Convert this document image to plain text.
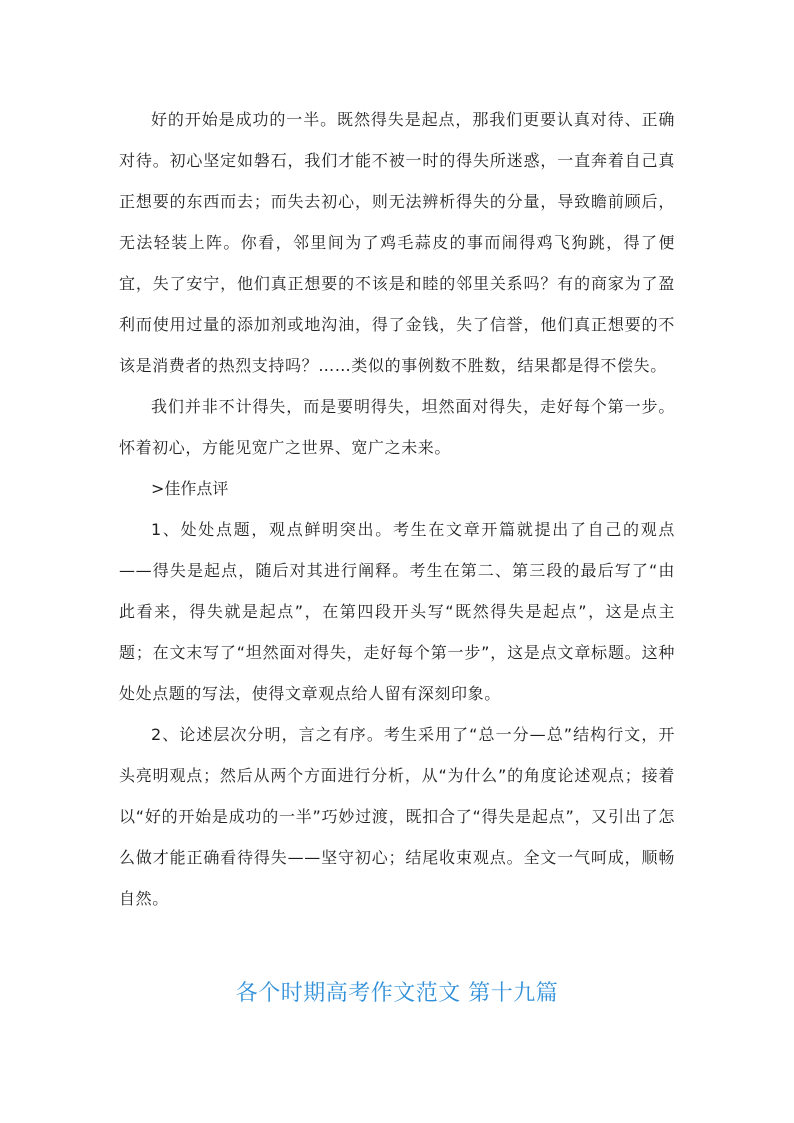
好的开始是成功的一半。既然得失是起点，那我们更要认真对待、正确对待。初心坚定如磐石，我们才能不被一时的得失所迷惑，一直奔着自己真正想要的东西而去；而失去初心，则无法辨析得失的分量，导致瞻前顾后，无法轻装上阵。你看，邻里间为了鸡毛蒜皮的事而闹得鸡飞狗跳，得了便宜，失了安宁，他们真正想要的不该是和睦的邻里关系吗？有的商家为了盈利而使用过量的添加剂或地沟油，得了金钱，失了信誉，他们真正想要的不该是消费者的热烈支持吗？……类似的事例数不胜数，结果都是得不偿失。

我们并非不计得失，而是要明得失，坦然面对得失，走好每个第一步。怀着初心，方能见宽广之世界、宽广之未来。

>佳作点评

1、处处点题，观点鲜明突出。考生在文章开篇就提出了自己的观点——得失是起点，随后对其进行阐释。考生在第二、第三段的最后写了“由此看来，得失就是起点”，在第四段开头写“既然得失是起点”，这是点主题；在文末写了“坦然面对得失，走好每个第一步”，这是点文章标题。这种处处点题的写法，使得文章观点给人留有深刻印象。

2、论述层次分明，言之有序。考生采用了“总一分—总”结构行文，开头亮明观点；然后从两个方面进行分析，从“为什么”的角度论述观点；接着以“好的开始是成功的一半”巧妙过渡，既扣合了“得失是起点”，又引出了怎么做才能正确看待得失——坚守初心；结尾收束观点。全文一气呵成，顺畅自然。

各个时期高考作文范文 第十九篇
